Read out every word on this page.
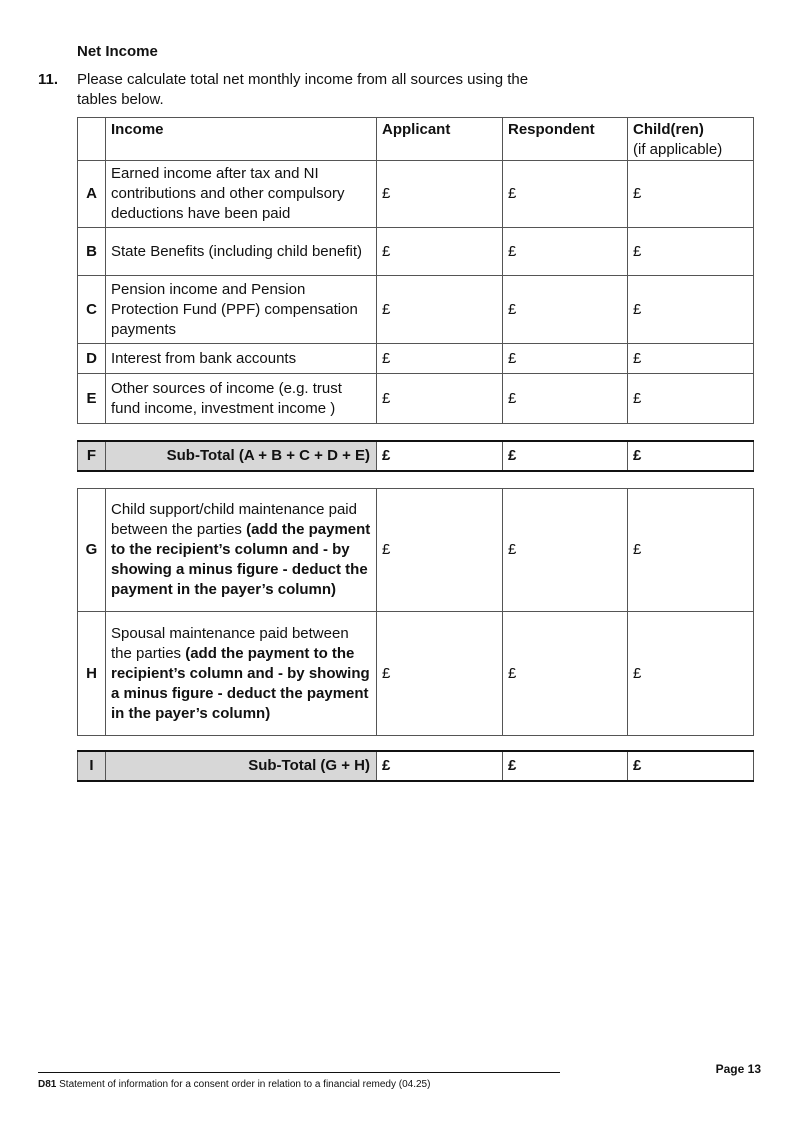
Net Income
11. Please calculate total net monthly income from all sources using the tables below.
	Income	Applicant	Respondent	Child(ren)
(if applicable)

A	Earned income after tax and NI contributions and other compulsory deductions have been paid	£	£	£
B	State Benefits (including child benefit)	£	£	£
C	Pension income and Pension Protection Fund (PPF) compensation payments	£	£	£
D	Interest from bank accounts	£	£	£
E	Other sources of income (e.g. trust fund income, investment income )	£	£	£
F	Sub-Total (A + B + C + D + E)	£	£	£
G	Child support/child maintenance paid between the parties (add the payment to the recipient’s column and - by showing a minus figure - deduct the payment in the payer’s column)	£	£	£
H	Spousal maintenance paid between the parties (add the payment to the recipient’s column and - by showing a minus figure - deduct the payment in the payer’s column)	£	£	£
I	Sub-Total (G + H)	£	£	£
Page 13
D81 Statement of information for a consent order in relation to a financial remedy (04.25)
